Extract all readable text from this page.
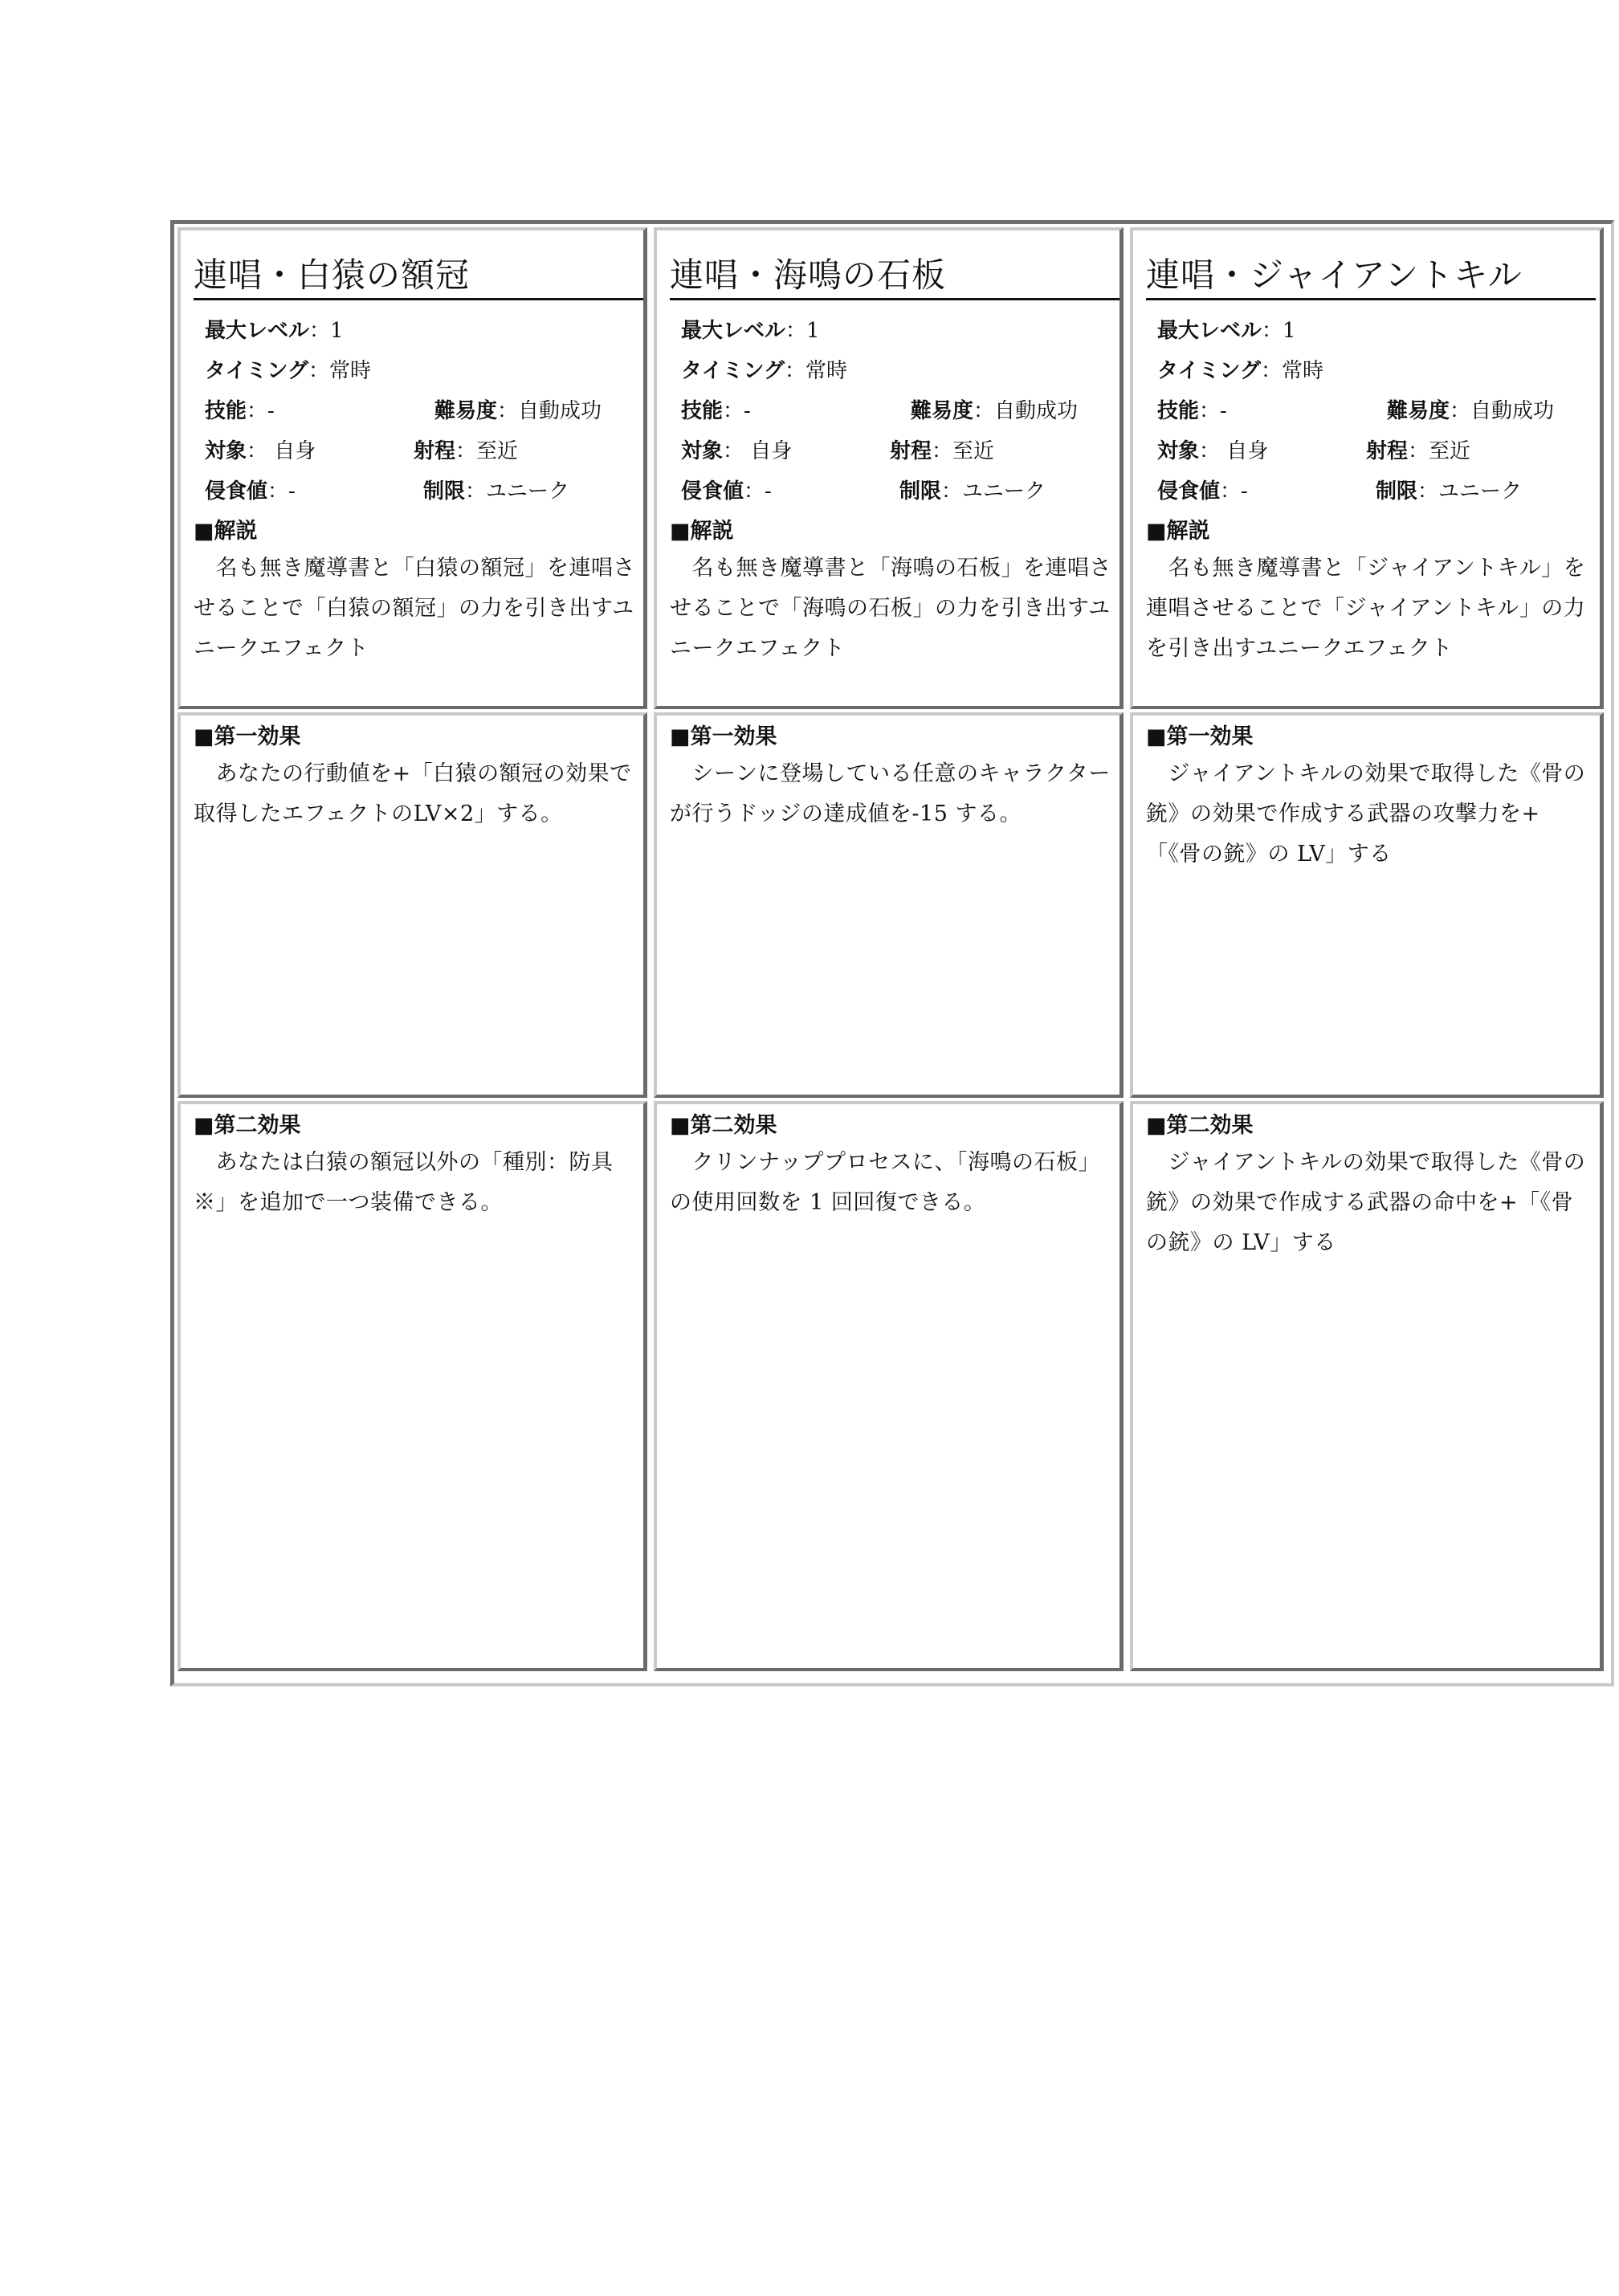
連唱・白猿の額冠
最大レベル：1
タイミング：常時
技能：-	難易度：自動成功
対象： 自身	射程：至近
侵食値：-	制限：ユニーク
■解説
　名も無き魔導書と「白猿の額冠」を連唱させることで「白猿の額冠」の力を引き出すユニークエフェクト
連唱・海鳴の石板
最大レベル：1
タイミング：常時
技能：-	難易度：自動成功
対象： 自身	射程：至近
侵食値：-	制限：ユニーク
■解説
　名も無き魔導書と「海鳴の石板」を連唱させることで「海鳴の石板」の力を引き出すユニークエフェクト
連唱・ジャイアントキル
最大レベル：1
タイミング：常時
技能：-	難易度：自動成功
対象： 自身	射程：至近
侵食値：-	制限：ユニーク
■解説
　名も無き魔導書と「ジャイアントキル」を連唱させることで「ジャイアントキル」の力を引き出すユニークエフェクト
■第一効果
　あなたの行動値を+「白猿の額冠の効果で取得したエフェクトのLV×2」する。
■第一効果
　シーンに登場している任意のキャラクターが行うドッジの達成値を-15 する。
■第一効果
　ジャイアントキルの効果で取得した《骨の銃》の効果で作成する武器の攻撃力を+「《骨の銃》の LV」する
■第二効果
　あなたは白猿の額冠以外の「種別：防具※」を追加で一つ装備できる。
■第二効果
　クリンナッププロセスに、「海鳴の石板」の使用回数を 1 回回復できる。
■第二効果
　ジャイアントキルの効果で取得した《骨の銃》の効果で作成する武器の命中を+「《骨の銃》の LV」する
